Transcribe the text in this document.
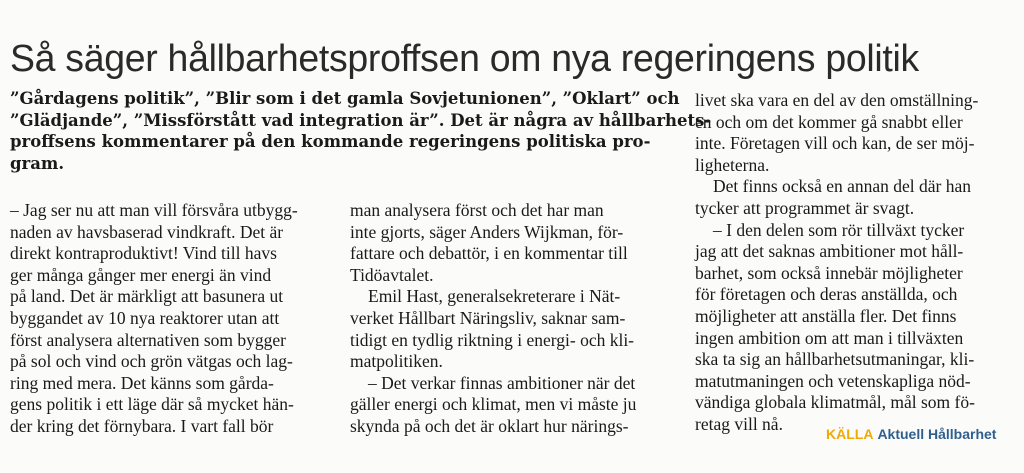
Så säger hållbarhetsproffsen om nya regeringens politik
”Gårdagens politik”, ”Blir som i det gamla Sovjetunionen”, ”Oklart” och
”Glädjande”, ”Missförstått vad integration är”. Det är några av hållbarhets-
proffsens kommentarer på den kommande regeringens politiska pro-
gram.
– Jag ser nu att man vill försvåra utbygg-
naden av havsbaserad vindkraft. Det är
direkt kontraproduktivt! Vind till havs
ger många gånger mer energi än vind
på land. Det är märkligt att basunera ut
byggandet av 10 nya reaktorer utan att
först analysera alternativen som bygger
på sol och vind och grön vätgas och lag-
ring med mera. Det känns som gårda-
gens politik i ett läge där så mycket hän-
der kring det förnybara. I vart fall bör
man analysera först och det har man
inte gjorts, säger Anders Wijkman, för-
fattare och debattör, i en kommentar till
Tidöavtalet.
Emil Hast, generalsekreterare i Nät-
verket Hållbart Näringsliv, saknar sam-
tidigt en tydlig riktning i energi- och kli-
matpolitiken.
– Det verkar finnas ambitioner när det
gäller energi och klimat, men vi måste ju
skynda på och det är oklart hur närings-
livet ska vara en del av den omställning-
en och om det kommer gå snabbt eller
inte. Företagen vill och kan, de ser möj-
ligheterna.
Det finns också en annan del där han
tycker att programmet är svagt.
– I den delen som rör tillväxt tycker
jag att det saknas ambitioner mot håll-
barhet, som också innebär möjligheter
för företagen och deras anställda, och
möjligheter att anställa fler. Det finns
ingen ambition om att man i tillväxten
ska ta sig an hållbarhetsutmaningar, kli-
matutmaningen och vetenskapliga nöd-
vändiga globala klimatmål, mål som fö-
retag vill nå.
KÄLLA Aktuell Hållbarhet
